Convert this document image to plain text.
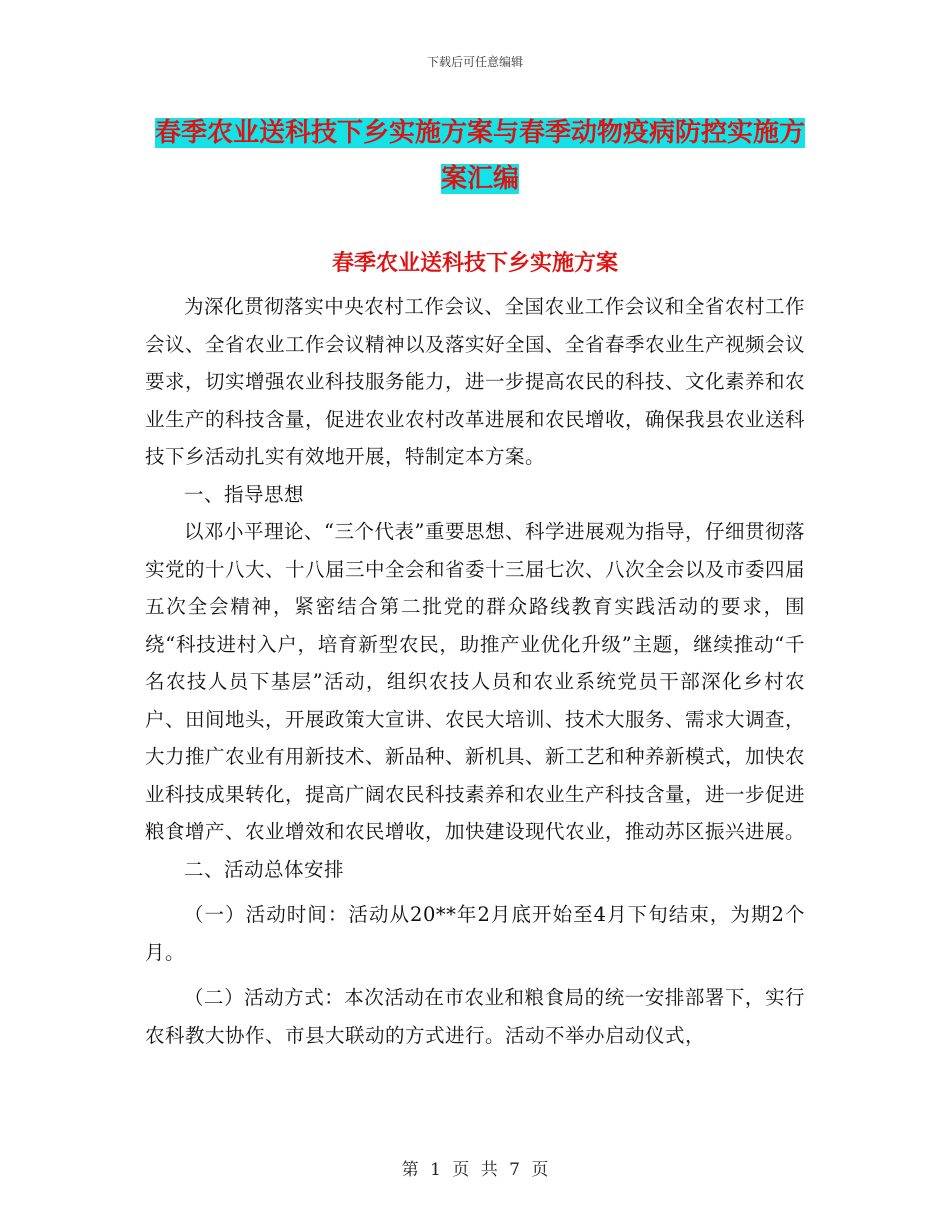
下载后可任意编辑
春季农业送科技下乡实施方案与春季动物疫病防控实施方案汇编
春季农业送科技下乡实施方案

为深化贯彻落实中央农村工作会议、全国农业工作会议和全省农村工作会议、全省农业工作会议精神以及落实好全国、全省春季农业生产视频会议要求，切实增强农业科技服务能力，进一步提高农民的科技、文化素养和农业生产的科技含量，促进农业农村改革进展和农民增收，确保我县农业送科技下乡活动扎实有效地开展，特制定本方案。

一、指导思想

以邓小平理论、“三个代表”重要思想、科学进展观为指导，仔细贯彻落实党的十八大、十八届三中全会和省委十三届七次、八次全会以及市委四届五次全会精神，紧密结合第二批党的群众路线教育实践活动的要求，围绕“科技进村入户，培育新型农民，助推产业优化升级”主题，继续推动“千名农技人员下基层”活动，组织农技人员和农业系统党员干部深化乡村农户、田间地头，开展政策大宣讲、农民大培训、技术大服务、需求大调查，大力推广农业有用新技术、新品种、新机具、新工艺和种养新模式，加快农业科技成果转化，提高广阔农民科技素养和农业生产科技含量，进一步促进粮食增产、农业增效和农民增收，加快建设现代农业，推动苏区振兴进展。

二、活动总体安排

（一）活动时间：活动从20**年2月底开始至4月下旬结束，为期2个月。

（二）活动方式：本次活动在市农业和粮食局的统一安排部署下，实行农科教大协作、市县大联动的方式进行。活动不举办启动仪式，

第 1 页 共 7 页
